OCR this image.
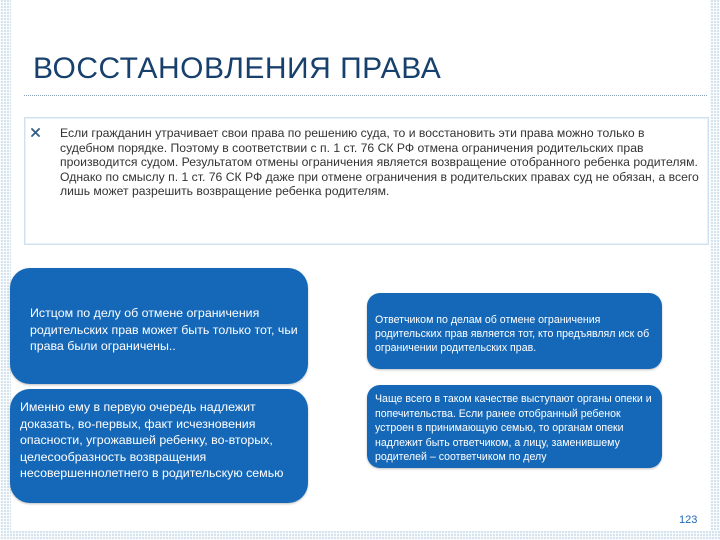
ВОССТАНОВЛЕНИЯ ПРАВА
Если гражданин утрачивает свои права по решению суда, то и восстановить эти права можно только в судебном порядке. Поэтому в соответствии с п. 1 ст. 76 СК РФ отмена ограничения родительских прав производится судом. Результатом отмены ограничения является возвращение отобранного ребенка родителям. Однако по смыслу п. 1 ст. 76 СК РФ даже при отмене ограничения в родительских правах суд не обязан, а всего лишь может разрешить возвращение ребенка родителям.
Истцом по делу об отмене ограничения родительских прав может быть только тот, чьи права были ограничены..
Именно ему в первую очередь надлежит доказать, во-первых, факт исчезновения опасности, угрожавшей ребенку, во-вторых, целесообразность возвращения несовершеннолетнего в родительскую семью
Ответчиком по делам об отмене ограничения родительских прав является тот, кто предъявлял иск об ограничении родительских прав.
Чаще всего в таком качестве выступают органы опеки и попечительства. Если ранее отобранный ребенок устроен в принимающую семью, то органам опеки надлежит быть ответчиком, а лицу, заменившему родителей – соответчиком по делу
123
